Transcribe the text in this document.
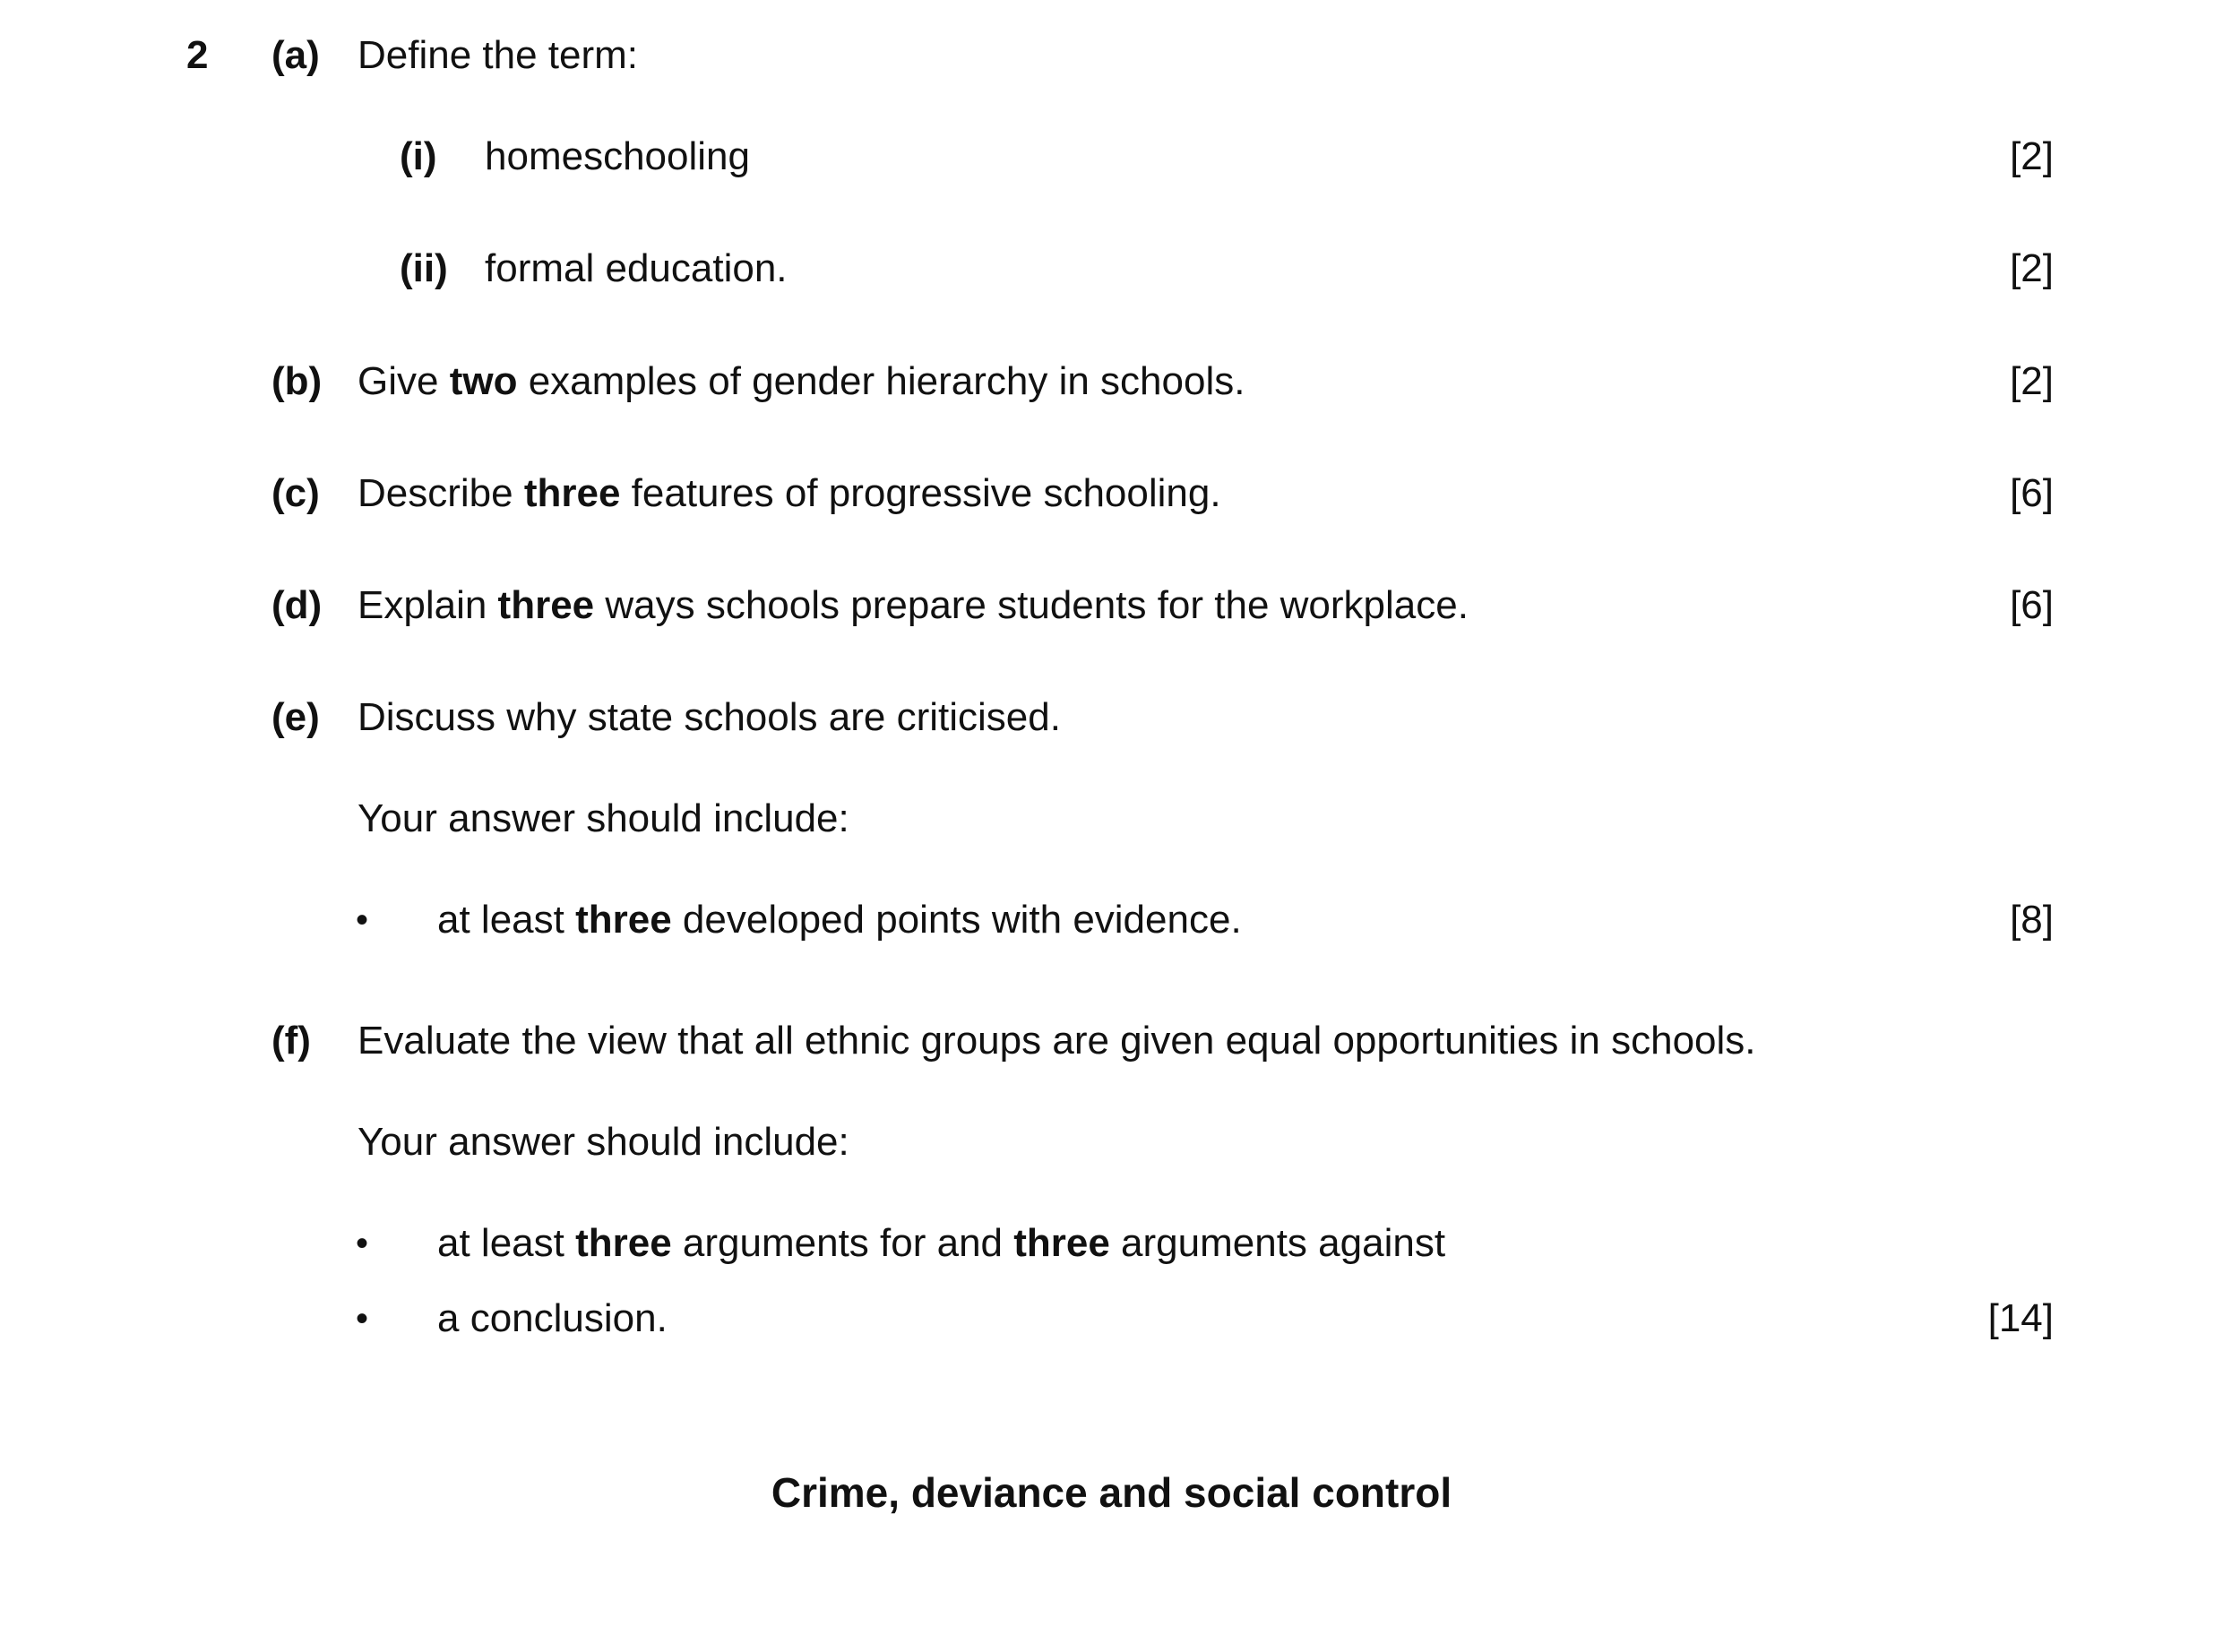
2 (a) Define the term:
(i) homeschooling	[2]
(ii) formal education.	[2]
(b) Give two examples of gender hierarchy in schools.	[2]
(c) Describe three features of progressive schooling.	[6]
(d) Explain three ways schools prepare students for the workplace.	[6]
(e) Discuss why state schools are criticised.
Your answer should include:
• at least three developed points with evidence.	[8]
(f) Evaluate the view that all ethnic groups are given equal opportunities in schools.
Your answer should include:
• at least three arguments for and three arguments against
• a conclusion.	[14]
Crime, deviance and social control
